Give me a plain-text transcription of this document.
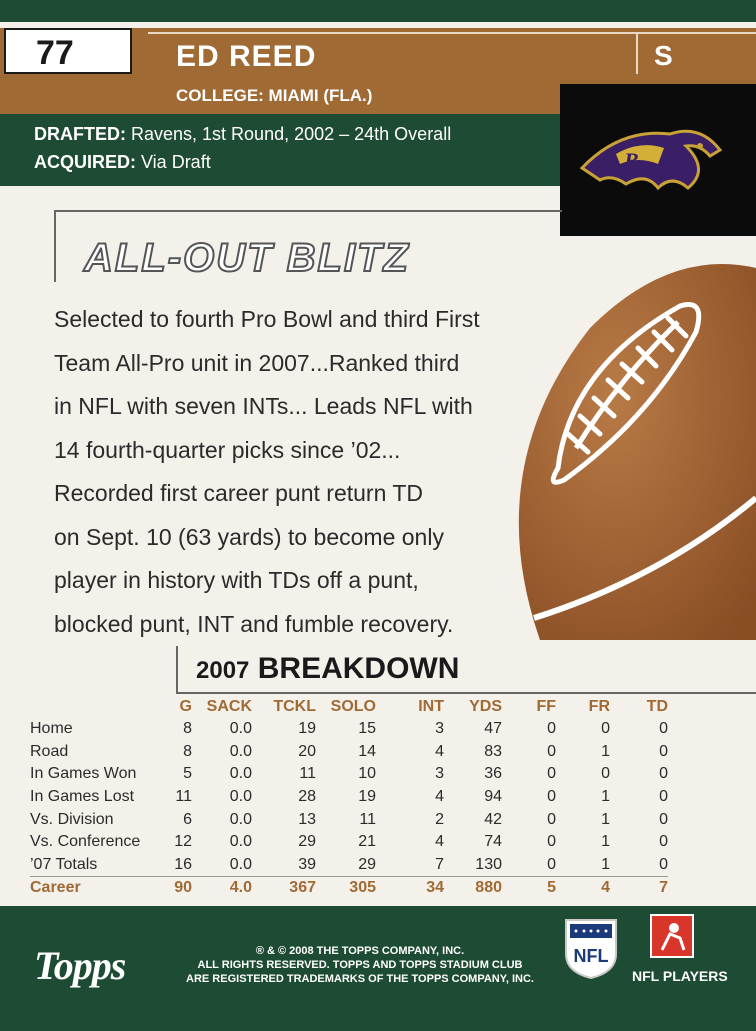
77	ED REED	S
COLLEGE: MIAMI (FLA.)
DRAFTED: Ravens, 1st Round, 2002 – 24th Overall
ACQUIRED: Via Draft	B
ALL-OUT BLITZ
Selected to fourth Pro Bowl and third First
Team All-Pro unit in 2007...Ranked third
in NFL with seven INTs... Leads NFL with
14 fourth-quarter picks since ’02...
Recorded first career punt return TD
on Sept. 10 (63 yards) to become only
player in history with TDs off a punt,
blocked punt, INT and fumble recovery.
2007 BREAKDOWN
	G	SACK	TCKL	SOLO	INT	YDS	FF	FR	TD
Home	8	0.0	19	15	3	47	0	0	0
Road	8	0.0	20	14	4	83	0	1	0
In Games Won	5	0.0	11	10	3	36	0	0	0
In Games Lost	11	0.0	28	19	4	94	0	1	0
Vs. Division	6	0.0	13	11	2	42	0	1	0
Vs. Conference	12	0.0	29	21	4	74	0	1	0
’07 Totals	16	0.0	39	29	7	130	0	1	0
Career	90	4.0	367	305	34	880	5	4	7
Topps	® & © 2008 THE TOPPS COMPANY, INC.
ALL RIGHTS RESERVED. TOPPS AND TOPPS STADIUM CLUB
ARE REGISTERED TRADEMARKS OF THE TOPPS COMPANY, INC.
NFL
NFL PLAYERS
